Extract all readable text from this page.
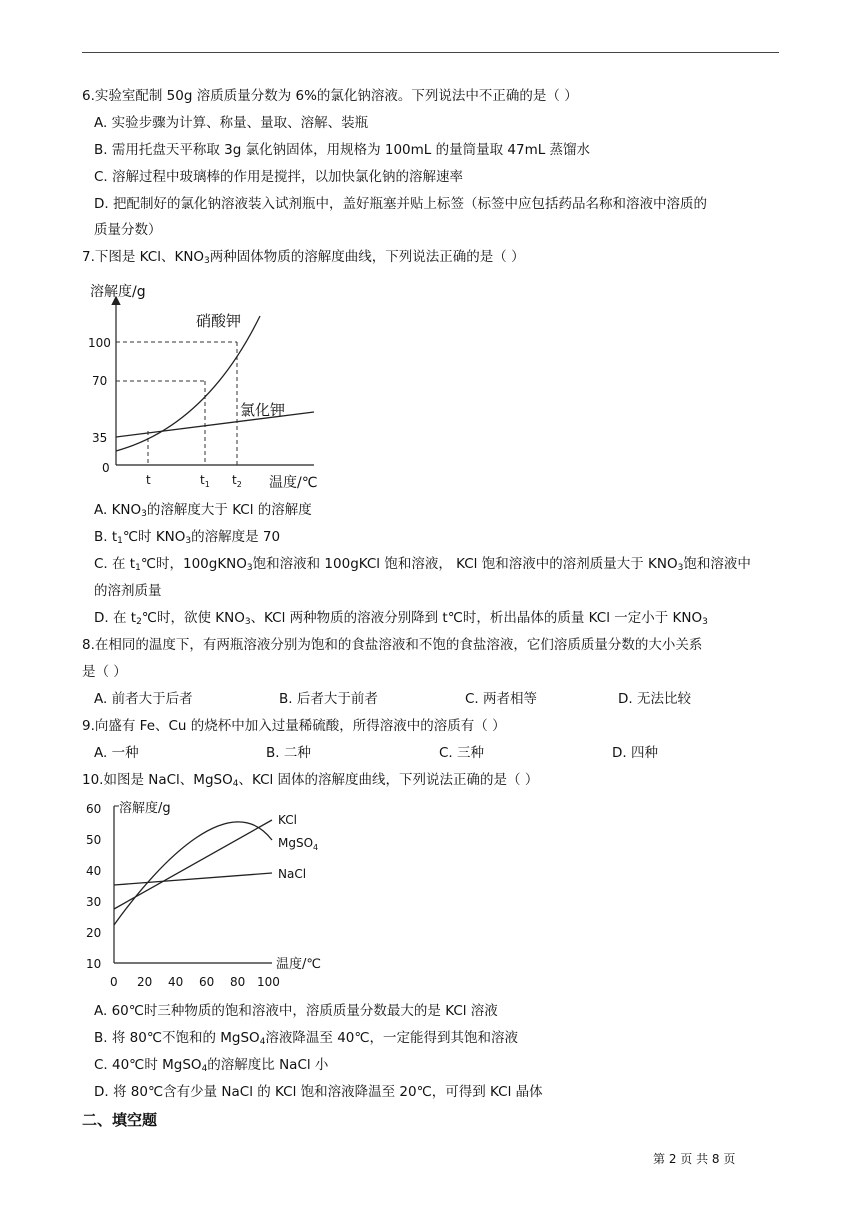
6.实验室配制 50g 溶质质量分数为 6%的氯化钠溶液。下列说法中不正确的是（ ）
A. 实验步骤为计算、称量、量取、溶解、装瓶
B. 需用托盘天平称取 3g 氯化钠固体，用规格为 100mL 的量筒量取 47mL 蒸馏水
C. 溶解过程中玻璃棒的作用是搅拌，以加快氯化钠的溶解速率
D. 把配制好的氯化钠溶液装入试剂瓶中，盖好瓶塞并贴上标签（标签中应包括药品名称和溶液中溶质的
质量分数）
7.下图是 KCl、$KNO_3$两种固体物质的溶解度曲线，下列说法正确的是（ ）
溶解度/g
温度/℃
100
70
35
0
t	$t_1$ $t_2$
硝酸钾
氯化钾
A. $KNO_3$的溶解度大于 KCl 的溶解度
B. $t_1℃$时 $KNO_3$的溶解度是 70
C. 在 $t_1℃$时，100gKNO$_3$饱和溶液和 100gKCl 饱和溶液， KCl 饱和溶液中的溶剂质量大于 $KNO_3$饱和溶液中
的溶剂质量
D. 在 $t_2℃$时，欲使 $KNO_3$、KCl 两种物质的溶液分别降到 t℃时，析出晶体的质量 KCl 一定小于 $KNO_3$
8.在相同的温度下，有两瓶溶液分别为饱和的食盐溶液和不饱的食盐溶液，它们溶质质量分数的大小关系
是（ ）
A. 前者大于后者	B. 后者大于前者	C. 两者相等	D. 无法比较
9.向盛有 Fe、Cu 的烧杯中加入过量稀硫酸，所得溶液中的溶质有（ ）
A. 一种	B. 二种	C. 三种	D. 四种
10.如图是 NaCl、MgSO$_4$、KCl 固体的溶解度曲线，下列说法正确的是（ ）
溶解度/g
温度/℃
60
50
40
30
20
10
0 20 40 60 80 100
KCl
MgSO$_4$
NaCl
A. 60℃时三种物质的饱和溶液中，溶质质量分数最大的是 KCl 溶液
B. 将 80℃不饱和的 MgSO$_4$溶液降温至 40℃，一定能得到其饱和溶液
C. 40℃时 MgSO$_4$的溶解度比 NaCl 小
D. 将 80℃含有少量 NaCl 的 KCl 饱和溶液降温至 20℃，可得到 KCl 晶体
二、填空题
第 2 页 共 8 页
